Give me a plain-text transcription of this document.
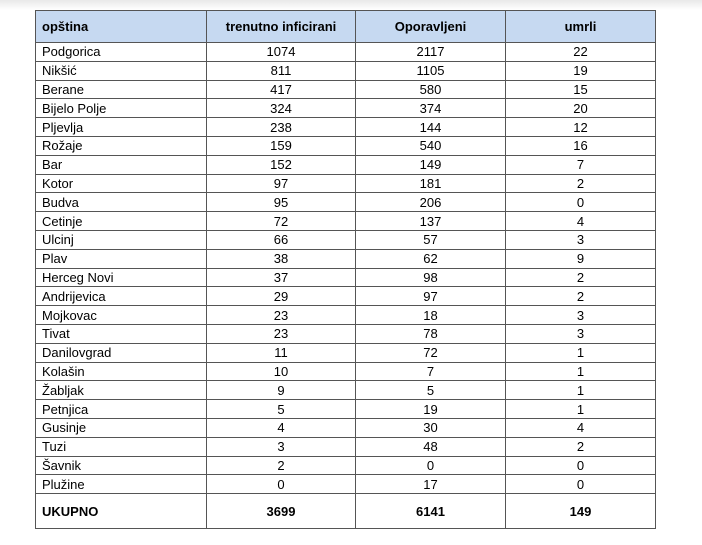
opština	trenutno inficirani	Oporavljeni	umrli
Podgorica	1074	2117	22
Nikšić	811	1105	19
Berane	417	580	15
Bijelo Polje	324	374	20
Pljevlja	238	144	12
Rožaje	159	540	16
Bar	152	149	7
Kotor	97	181	2
Budva	95	206	0
Cetinje	72	137	4
Ulcinj	66	57	3
Plav	38	62	9
Herceg Novi	37	98	2
Andrijevica	29	97	2
Mojkovac	23	18	3
Tivat	23	78	3
Danilovgrad	11	72	1
Kolašin	10	7	1
Žabljak	9	5	1
Petnjica	5	19	1
Gusinje	4	30	4
Tuzi	3	48	2
Šavnik	2	0	0
Plužine	0	17	0
UKUPNO	3699	6141	149
